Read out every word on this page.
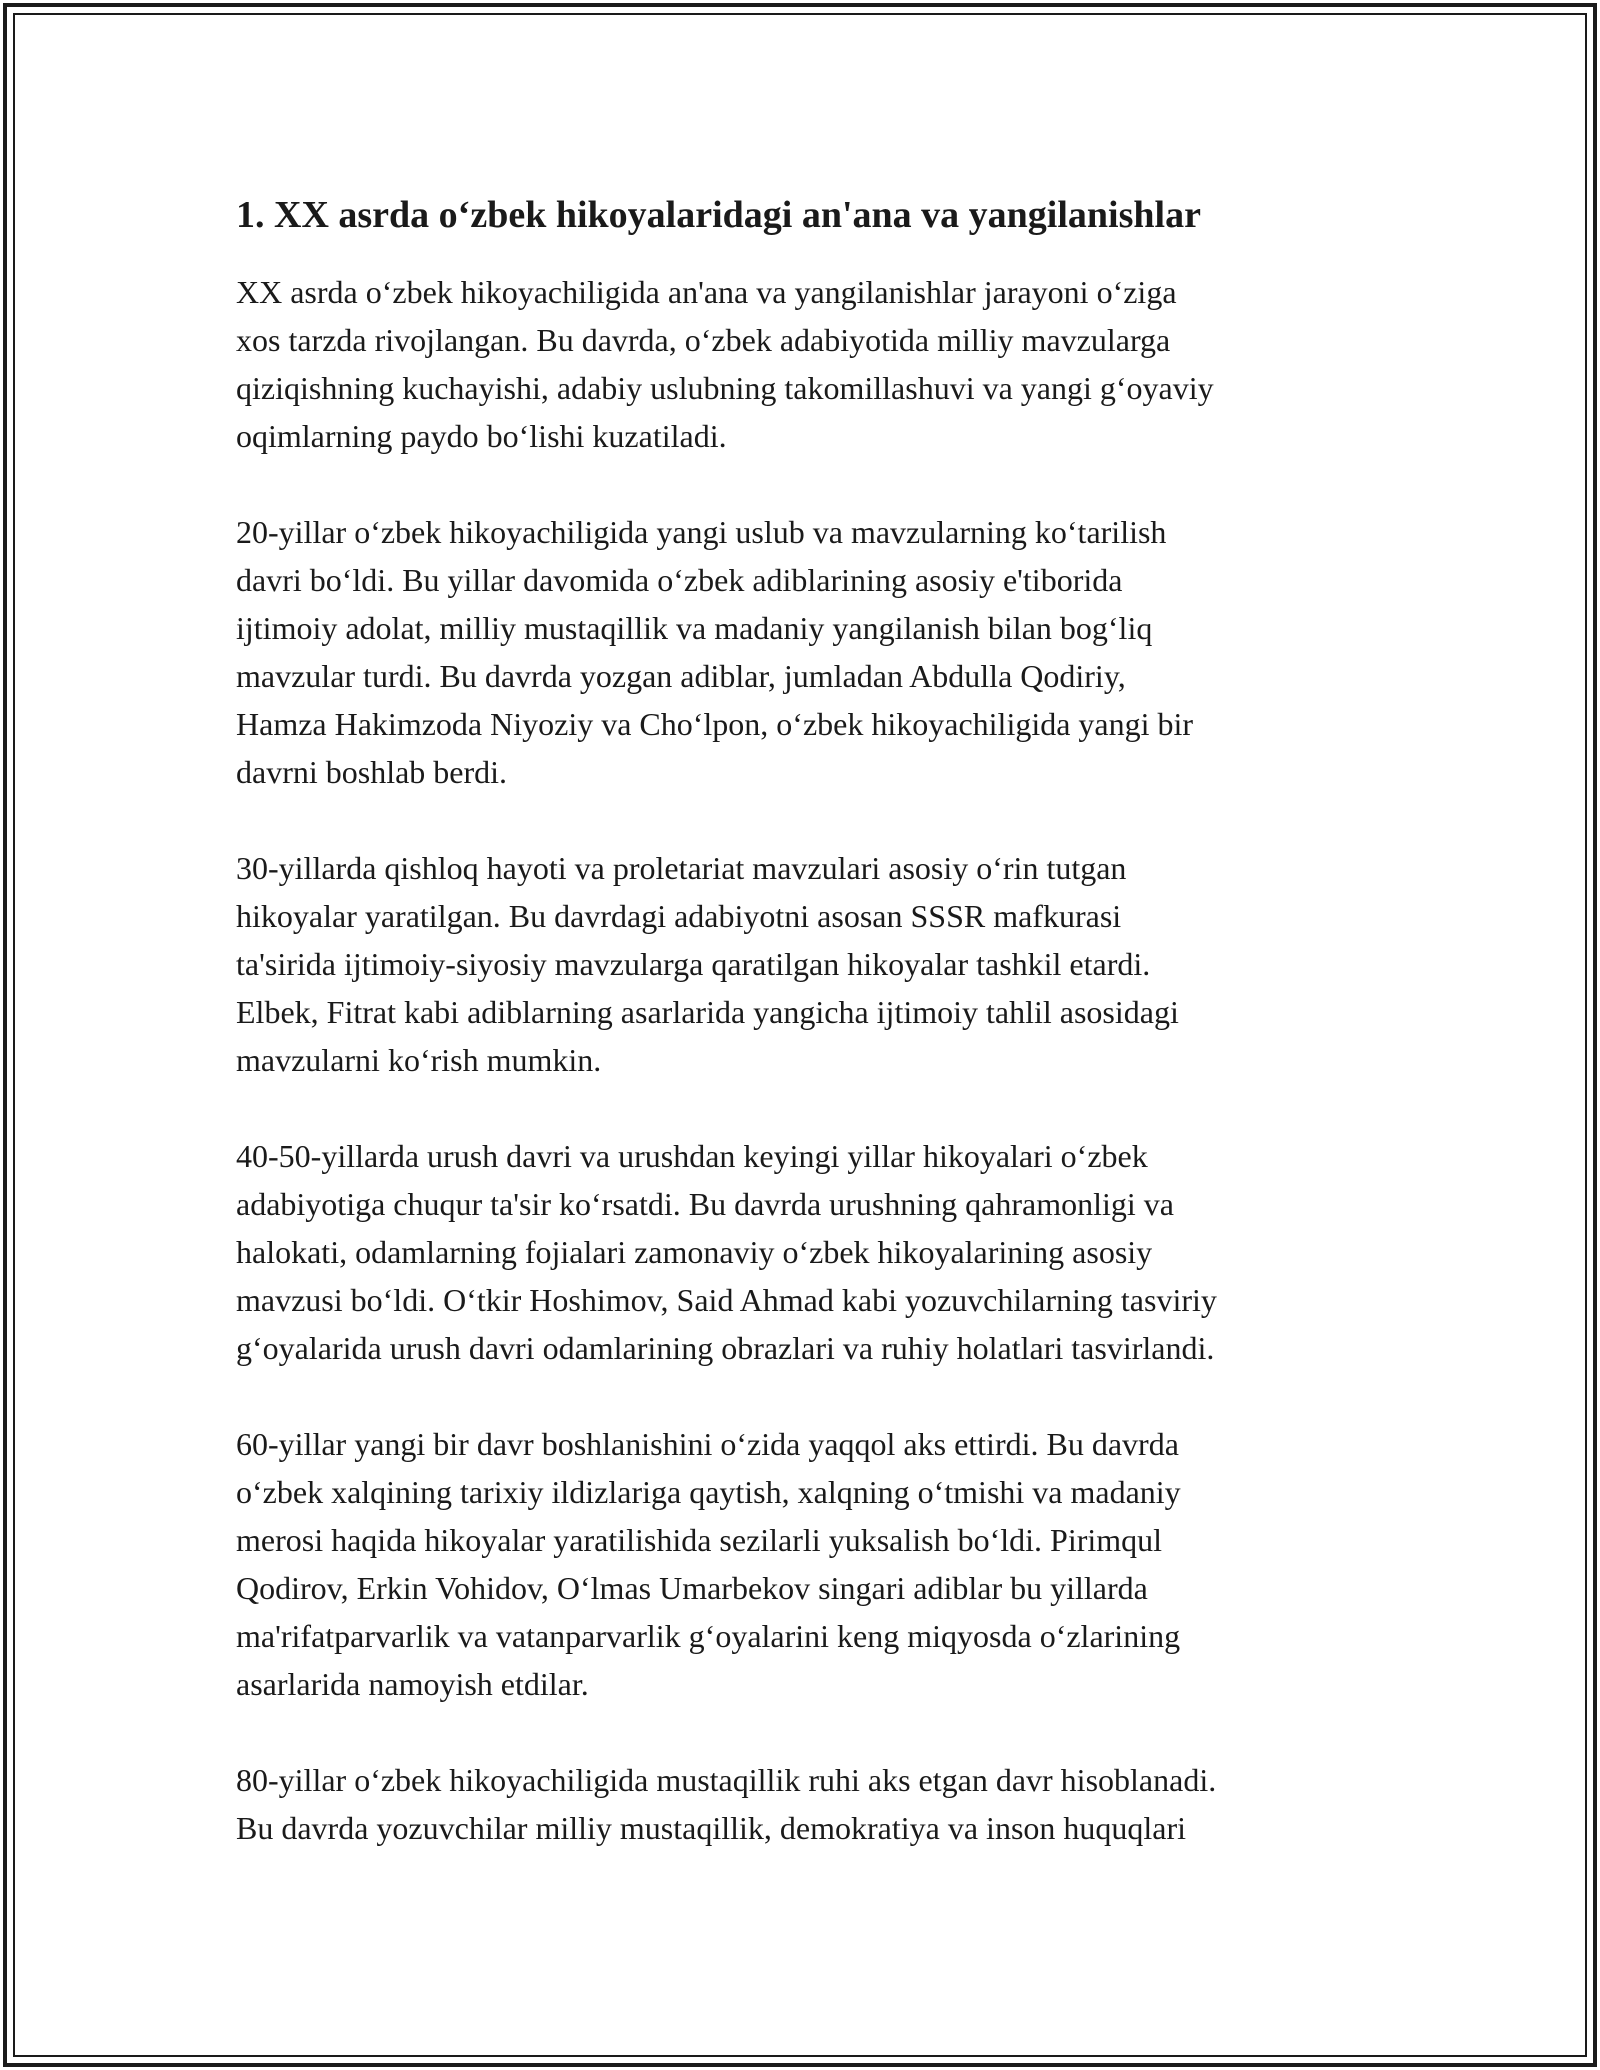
1. XX asrda o‘zbek hikoyalaridagi an'ana va yangilanishlar

XX asrda o‘zbek hikoyachiligida an'ana va yangilanishlar jarayoni o‘ziga
xos tarzda rivojlangan. Bu davrda, o‘zbek adabiyotida milliy mavzularga
qiziqishning kuchayishi, adabiy uslubning takomillashuvi va yangi g‘oyaviy
oqimlarning paydo bo‘lishi kuzatiladi.

20-yillar o‘zbek hikoyachiligida yangi uslub va mavzularning ko‘tarilish
davri bo‘ldi. Bu yillar davomida o‘zbek adiblarining asosiy e'tiborida
ijtimoiy adolat, milliy mustaqillik va madaniy yangilanish bilan bog‘liq
mavzular turdi. Bu davrda yozgan adiblar, jumladan Abdulla Qodiriy,
Hamza Hakimzoda Niyoziy va Cho‘lpon, o‘zbek hikoyachiligida yangi bir
davrni boshlab berdi.

30-yillarda qishloq hayoti va proletariat mavzulari asosiy o‘rin tutgan
hikoyalar yaratilgan. Bu davrdagi adabiyotni asosan SSSR mafkurasi
ta'sirida ijtimoiy-siyosiy mavzularga qaratilgan hikoyalar tashkil etardi.
Elbek, Fitrat kabi adiblarning asarlarida yangicha ijtimoiy tahlil asosidagi
mavzularni ko‘rish mumkin.

40-50-yillarda urush davri va urushdan keyingi yillar hikoyalari o‘zbek
adabiyotiga chuqur ta'sir ko‘rsatdi. Bu davrda urushning qahramonligi va
halokati, odamlarning fojialari zamonaviy o‘zbek hikoyalarining asosiy
mavzusi bo‘ldi. O‘tkir Hoshimov, Said Ahmad kabi yozuvchilarning tasviriy
g‘oyalarida urush davri odamlarining obrazlari va ruhiy holatlari tasvirlandi.

60-yillar yangi bir davr boshlanishini o‘zida yaqqol aks ettirdi. Bu davrda
o‘zbek xalqining tarixiy ildizlariga qaytish, xalqning o‘tmishi va madaniy
merosi haqida hikoyalar yaratilishida sezilarli yuksalish bo‘ldi. Pirimqul
Qodirov, Erkin Vohidov, O‘lmas Umarbekov singari adiblar bu yillarda
ma'rifatparvarlik va vatanparvarlik g‘oyalarini keng miqyosda o‘zlarining
asarlarida namoyish etdilar.

80-yillar o‘zbek hikoyachiligida mustaqillik ruhi aks etgan davr hisoblanadi.
Bu davrda yozuvchilar milliy mustaqillik, demokratiya va inson huquqlari
